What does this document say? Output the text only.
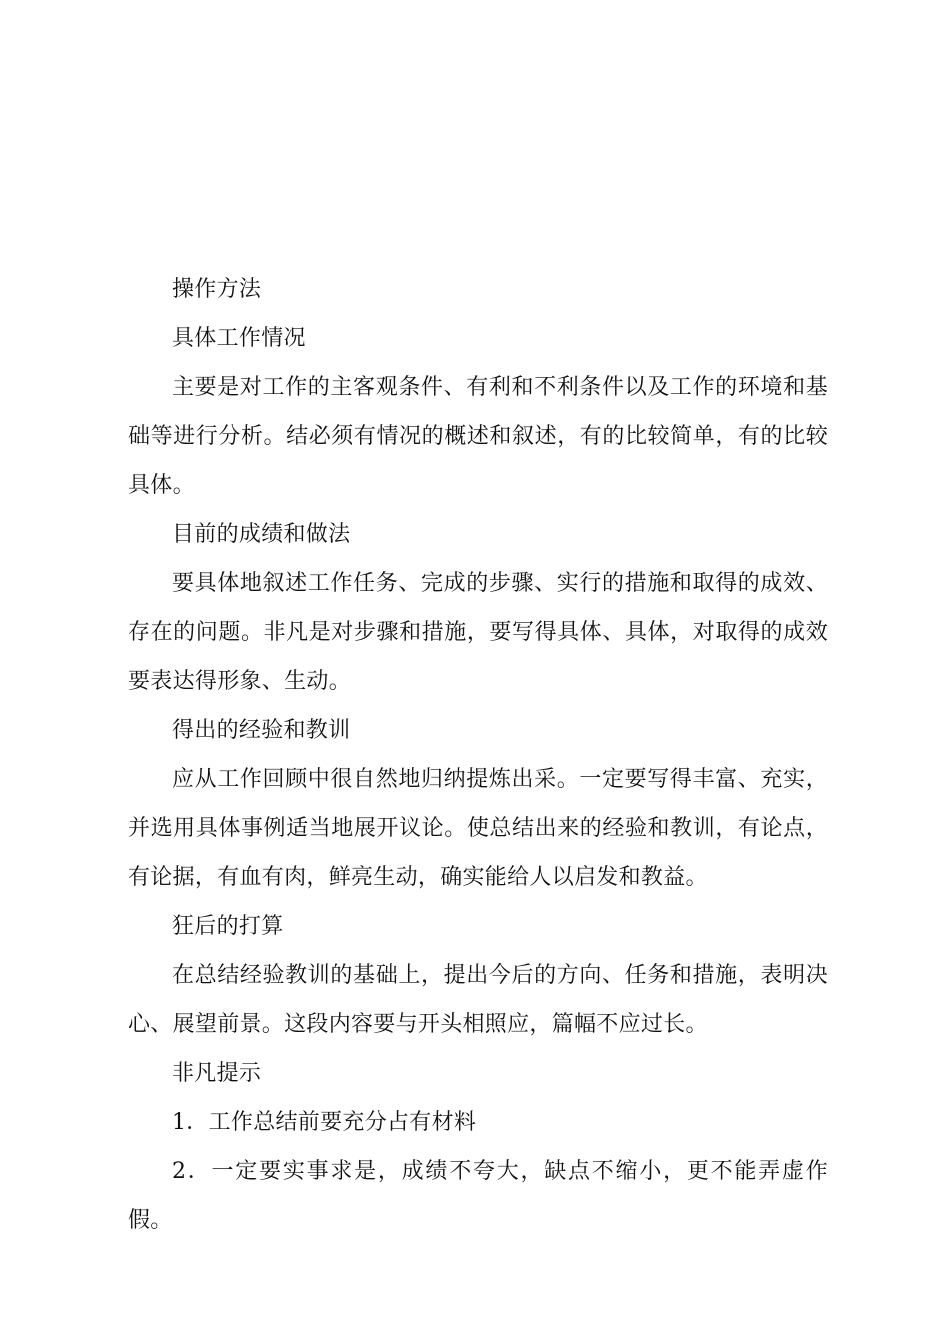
操作方法

具体工作情况

主要是对工作的主客观条件、有利和不利条件以及工作的环境和基础等进行分析。结必须有情况的概述和叙述，有的比较简单，有的比较具体。

目前的成绩和做法

要具体地叙述工作任务、完成的步骤、实行的措施和取得的成效、存在的问题。非凡是对步骤和措施，要写得具体、具体，对取得的成效要表达得形象、生动。

得出的经验和教训

应从工作回顾中很自然地归纳提炼出采。一定要写得丰富、充实，并选用具体事例适当地展开议论。使总结出来的经验和教训，有论点，有论据，有血有肉，鲜亮生动，确实能给人以启发和教益。

狂后的打算

在总结经验教训的基础上，提出今后的方向、任务和措施，表明决心、展望前景。这段内容要与开头相照应，篇幅不应过长。

非凡提示

1．工作总结前要充分占有材料

2．一定要实事求是，成绩不夸大，缺点不缩小，更不能弄虚作假。
